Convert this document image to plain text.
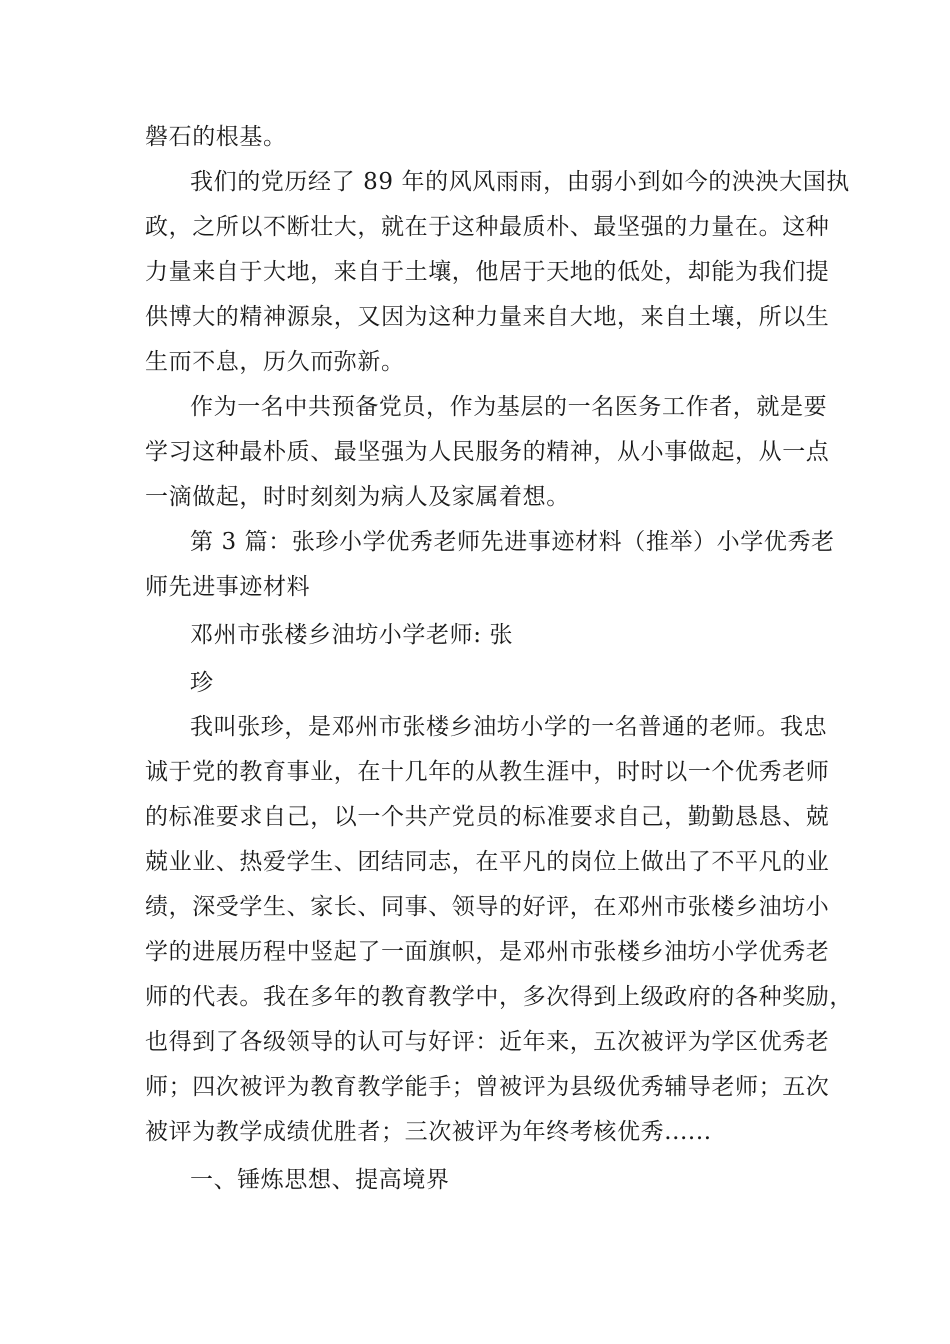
磐石的根基。
我们的党历经了 89 年的风风雨雨，由弱小到如今的泱泱大国执
政，之所以不断壮大，就在于这种最质朴、最坚强的力量在。这种
力量来自于大地，来自于土壤，他居于天地的低处，却能为我们提
供博大的精神源泉，又因为这种力量来自大地，来自土壤，所以生
生而不息，历久而弥新。
作为一名中共预备党员，作为基层的一名医务工作者，就是要
学习这种最朴质、最坚强为人民服务的精神，从小事做起，从一点
一滴做起，时时刻刻为病人及家属着想。
第 3 篇：张珍小学优秀老师先进事迹材料（推举）小学优秀老
师先进事迹材料
邓州市张楼乡油坊小学老师: 张
珍
我叫张珍，是邓州市张楼乡油坊小学的一名普通的老师。我忠
诚于党的教育事业，在十几年的从教生涯中，时时以一个优秀老师
的标准要求自己，以一个共产党员的标准要求自己，勤勤恳恳、兢
兢业业、热爱学生、团结同志，在平凡的岗位上做出了不平凡的业
绩，深受学生、家长、同事、领导的好评，在邓州市张楼乡油坊小
学的进展历程中竖起了一面旗帜，是邓州市张楼乡油坊小学优秀老
师的代表。我在多年的教育教学中，多次得到上级政府的各种奖励，
也得到了各级领导的认可与好评：近年来，五次被评为学区优秀老
师；四次被评为教育教学能手；曾被评为县级优秀辅导老师；五次
被评为教学成绩优胜者；三次被评为年终考核优秀......
一、锤炼思想、提高境界
